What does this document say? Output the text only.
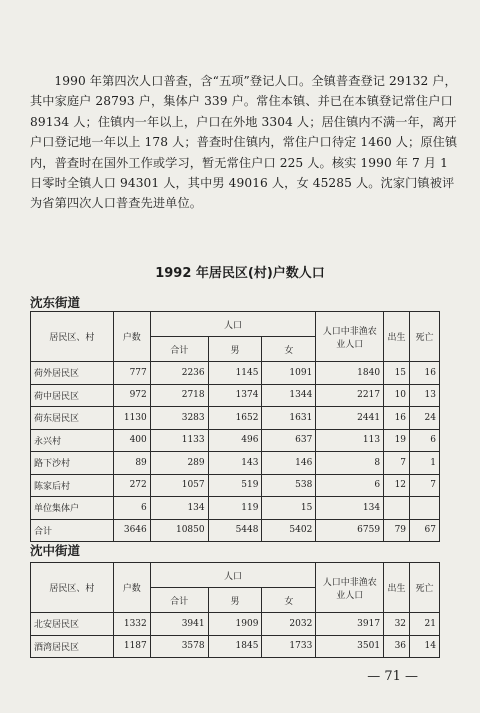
1990 年第四次人口普查，含“五项”登记人口。全镇普查登记 29132 户，其中家庭户 28793 户，集体户 339 户。常住本镇、并已在本镇登记常住户口 89134 人；住镇内一年以上，户口在外地 3304 人；居住镇内不满一年，离开户口登记地一年以上 178 人；普查时住镇内，常住户口待定 1460 人；原住镇内，普查时在国外工作或学习，暂无常住户口 225 人。核实 1990 年 7 月 1 日零时全镇人口 94301 人，其中男 49016 人，女 45285 人。沈家门镇被评为省第四次人口普查先进单位。

1992 年居民区(村)户数人口
沈东街道
居民区、村	户数	人口			人口中非渔农业人口	出生	死亡
		合计	男	女			
荷外居民区	777	2236	1145	1091	1840	15	16
荷中居民区	972	2718	1374	1344	2217	10	13
荷东居民区	1130	3283	1652	1631	2441	16	24
永兴村	400	1133	496	637	113	19	6
路下沙村	89	289	143	146	8	7	1
陈家后村	272	1057	519	538	6	12	7
单位集体户	6	134	119	15	134		
合计	3646	10850	5448	5402	6759	79	67
沈中街道
居民区、村	户数	人口			人口中非渔农业人口	出生	死亡
		合计	男	女			
北安居民区	1332	3941	1909	2032	3917	32	21
酒湾居民区	1187	3578	1845	1733	3501	36	14
— 71 —
